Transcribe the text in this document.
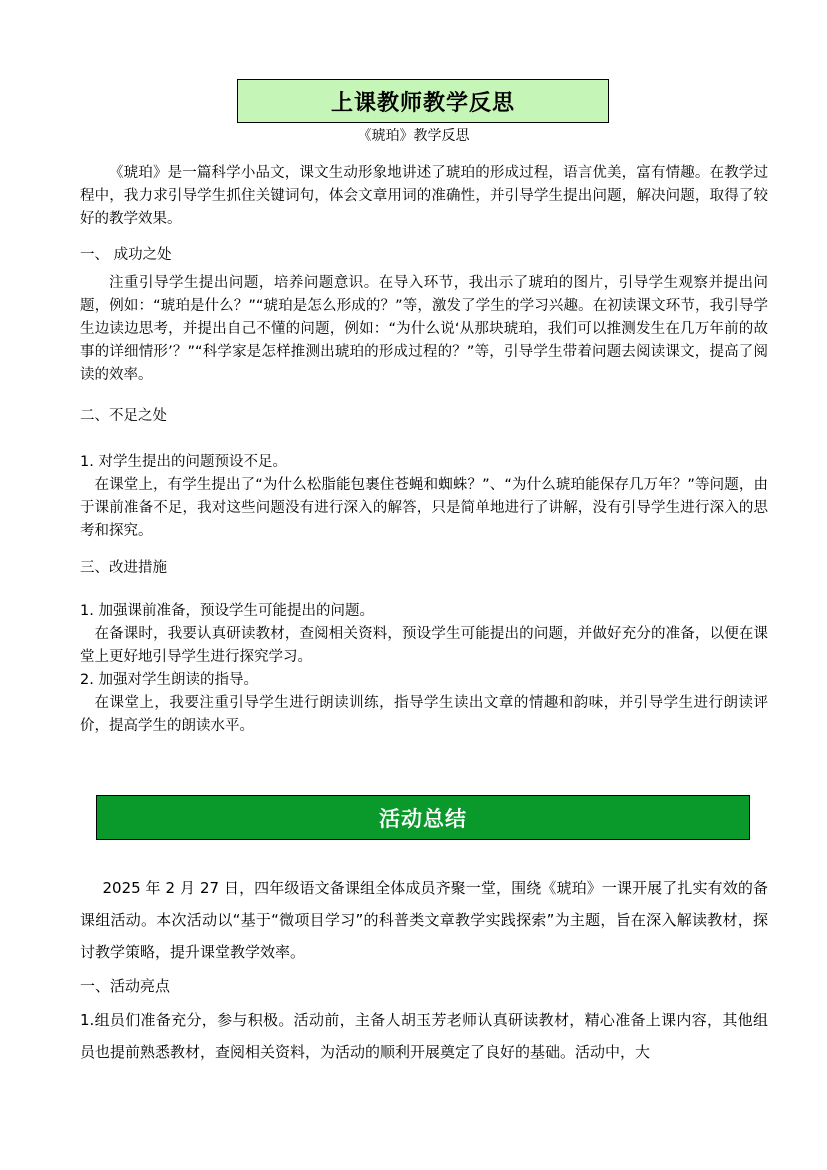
上课教师教学反思
《琥珀》教学反思

《琥珀》是一篇科学小品文，课文生动形象地讲述了琥珀的形成过程，语言优美，富有情趣。在教学过程中，我力求引导学生抓住关键词句，体会文章用词的准确性，并引导学生提出问题，解决问题，取得了较好的教学效果。

一、 成功之处

注重引导学生提出问题，培养问题意识。在导入环节，我出示了琥珀的图片，引导学生观察并提出问题，例如：“琥珀是什么？”“琥珀是怎么形成的？”等，激发了学生的学习兴趣。在初读课文环节，我引导学生边读边思考，并提出自己不懂的问题，例如：“为什么说‘从那块琥珀，我们可以推测发生在几万年前的故事的详细情形’？”“科学家是怎样推测出琥珀的形成过程的？”等，引导学生带着问题去阅读课文，提高了阅读的效率。

二、不足之处

1. 对学生提出的问题预设不足。

在课堂上，有学生提出了“为什么松脂能包裹住苍蝇和蜘蛛？”、“为什么琥珀能保存几万年？”等问题，由于课前准备不足，我对这些问题没有进行深入的解答，只是简单地进行了讲解，没有引导学生进行深入的思考和探究。

三、改进措施

1. 加强课前准备，预设学生可能提出的问题。

在备课时，我要认真研读教材，查阅相关资料，预设学生可能提出的问题，并做好充分的准备，以便在课堂上更好地引导学生进行探究学习。

2. 加强对学生朗读的指导。

在课堂上，我要注重引导学生进行朗读训练，指导学生读出文章的情趣和韵味，并引导学生进行朗读评价，提高学生的朗读水平。

活动总结

2025 年 2 月 27 日，四年级语文备课组全体成员齐聚一堂，围绕《琥珀》一课开展了扎实有效的备课组活动。本次活动以“基于“微项目学习”的科普类文章教学实践探索”为主题，旨在深入解读教材，探讨教学策略，提升课堂教学效率。

一、活动亮点

1.组员们准备充分，参与积极。活动前，主备人胡玉芳老师认真研读教材，精心准备上课内容，其他组员也提前熟悉教材，查阅相关资料，为活动的顺利开展奠定了良好的基础。活动中，大
